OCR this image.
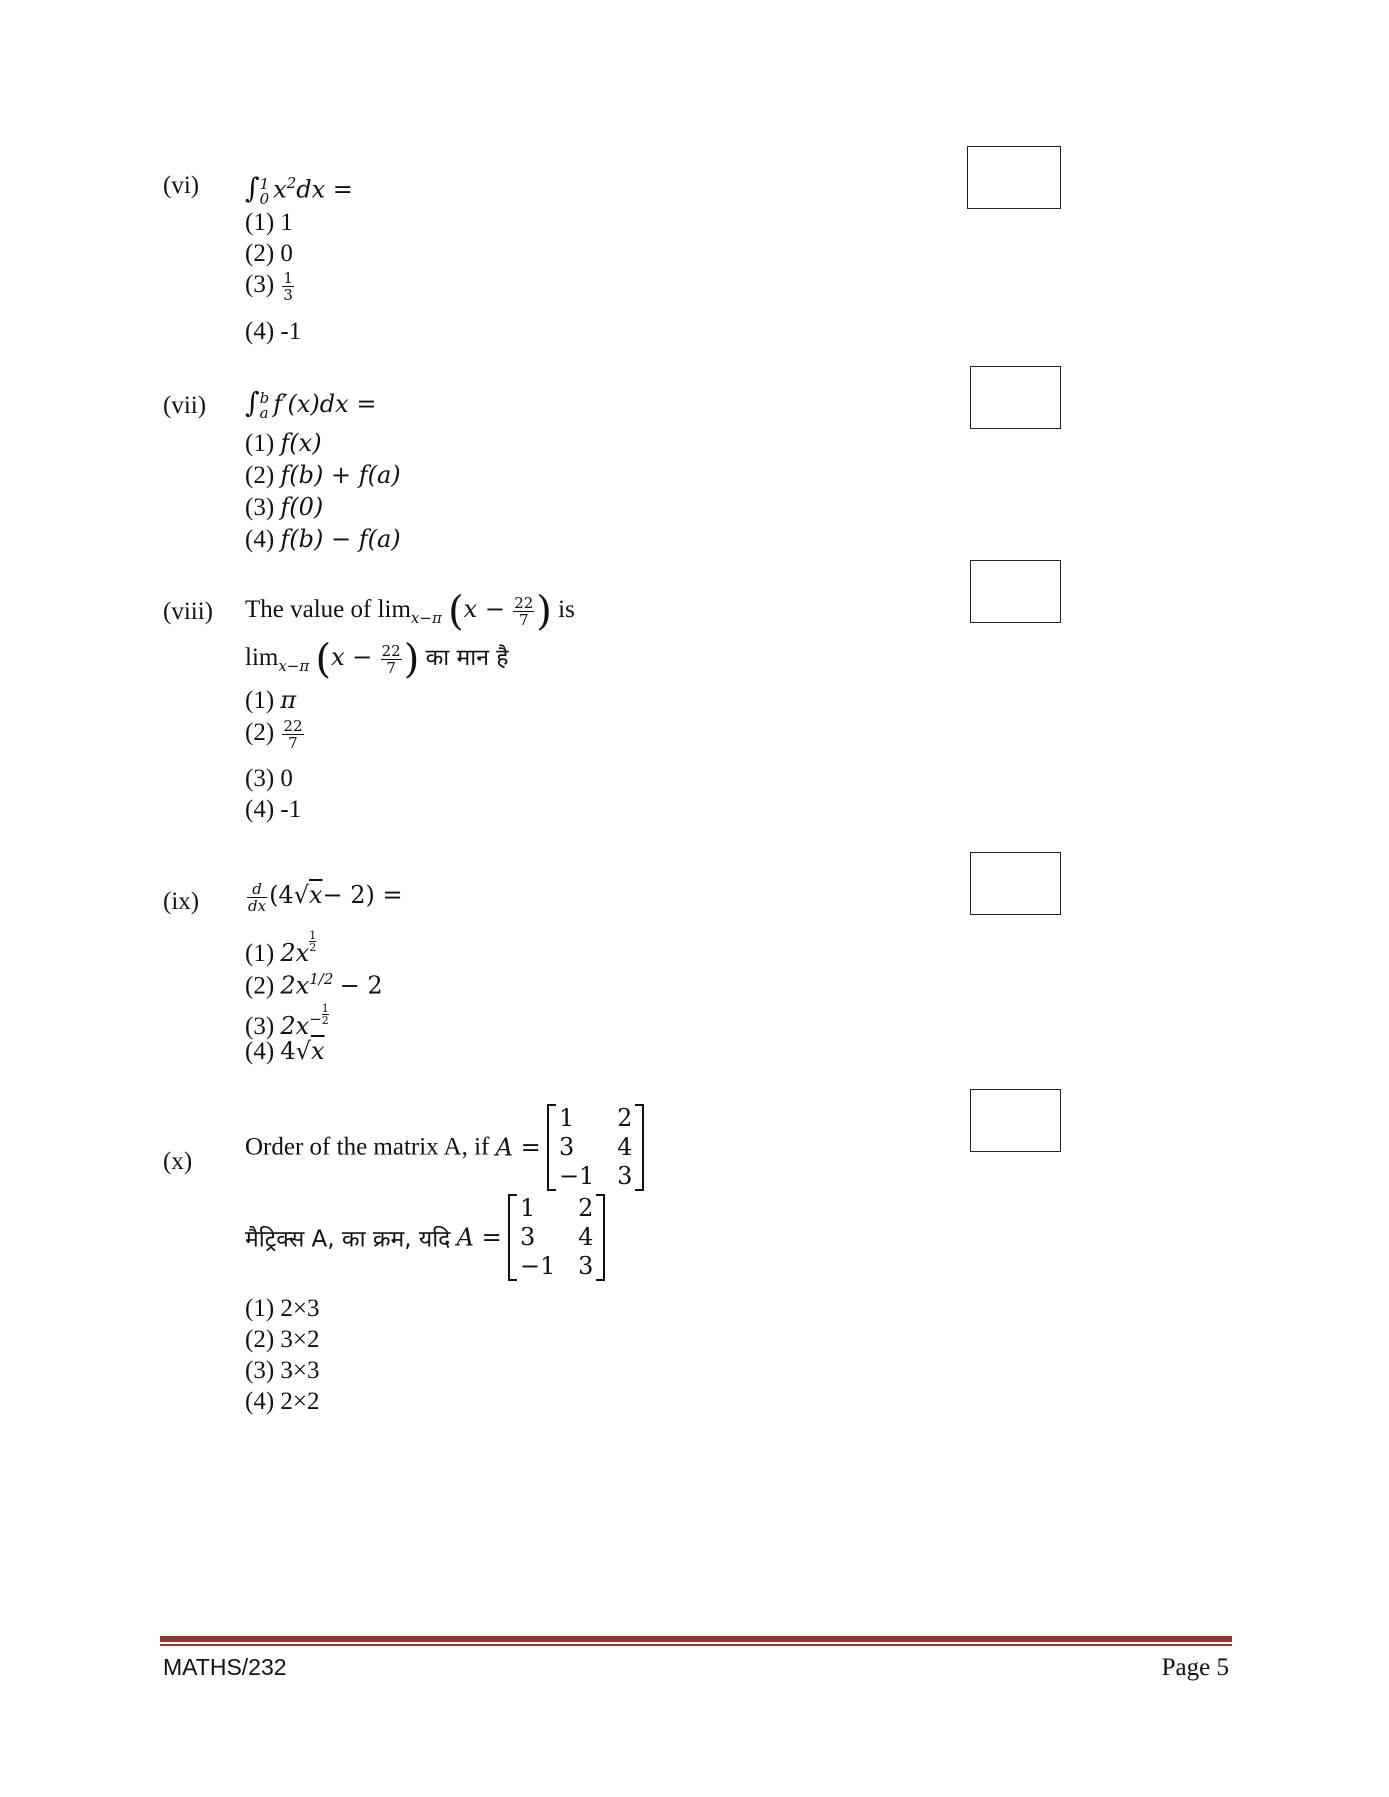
(vi)	∫ 1
0 $x^2dx$ =
(1) 1
(2) 0
$(3) \frac{1}{3}$
(4) -1
(vii)	∫ b
a f′(x)dx =
(1) f(x)
(2) f(b) + f(a)
(3) f(0)
(4) f(b) − f(a)
(viii)	The value of $\lim_{x-\pi} (x - \frac{22}{7}$ ) is
$\lim_{x-\pi} (x - \frac{22}{7}$ ) का मान है
(1) π
$(2) \frac{22}{7}$
(3) 0
(4) -1
(ix)	$\frac{d}{dx} (4√x- 2)$ =
(1) $2x \frac{1}{2}$
(2) $2x^{1/2} - 2$
(3) $2x^- \frac{1}{2}$
(4) 4√x
(x)
Order of the matrix A, if A =
1	2
3	4
−1	3
मैट्रिक्स A, का क्रम, यदि A =
1	2
3	4
−1	3
(1) 2×3
(2) 3×2
(3) 3×3
(4) 2×2
MATHS/232	Page 5
